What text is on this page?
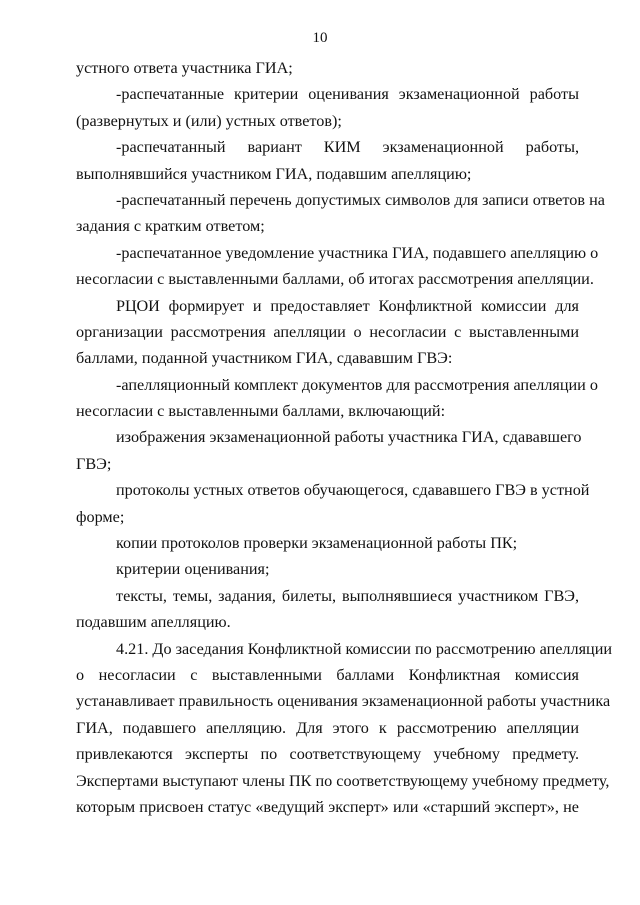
10
устного ответа участника ГИА;
-распечатанные критерии оценивания экзаменационной работы
(развернутых и (или) устных ответов);
-распечатанный вариант КИМ экзаменационной работы,
выполнявшийся участником ГИА, подавшим апелляцию;
-распечатанный перечень допустимых символов для записи ответов на
задания с кратким ответом;
-распечатанное уведомление участника ГИА, подавшего апелляцию о
несогласии с выставленными баллами, об итогах рассмотрения апелляции.
РЦОИ формирует и предоставляет Конфликтной комиссии для
организации рассмотрения апелляции о несогласии с выставленными
баллами, поданной участником ГИА, сдававшим ГВЭ:
-апелляционный комплект документов для рассмотрения апелляции о
несогласии с выставленными баллами, включающий:
изображения экзаменационной работы участника ГИА, сдававшего
ГВЭ;
протоколы устных ответов обучающегося, сдававшего ГВЭ в устной
форме;
копии протоколов проверки экзаменационной работы ПК;
критерии оценивания;
тексты, темы, задания, билеты, выполнявшиеся участником ГВЭ,
подавшим апелляцию.
4.21. До заседания Конфликтной комиссии по рассмотрению апелляции
о несогласии с выставленными баллами Конфликтная комиссия
устанавливает правильность оценивания экзаменационной работы участника
ГИА, подавшего апелляцию. Для этого к рассмотрению апелляции
привлекаются эксперты по соответствующему учебному предмету.
Экспертами выступают члены ПК по соответствующему учебному предмету,
которым присвоен статус «ведущий эксперт» или «старший эксперт», не
